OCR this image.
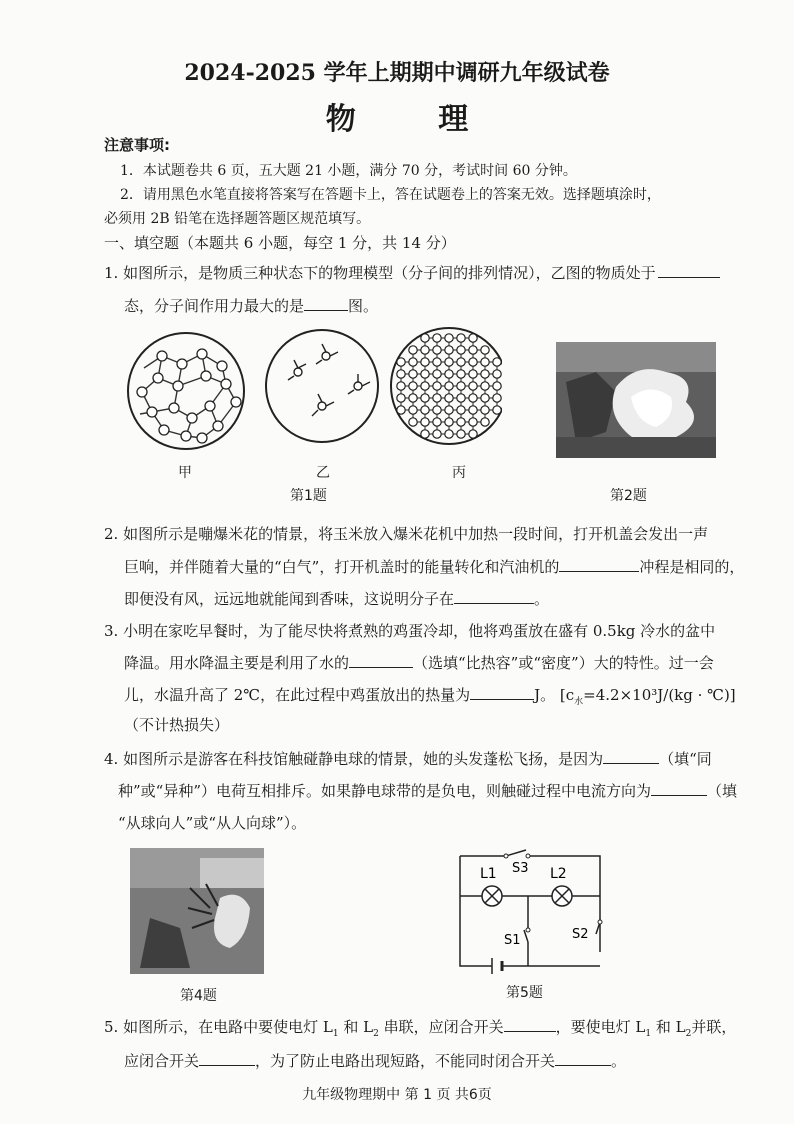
2024-2025 学年上期期中调研九年级试卷
物 理
注意事项:
1．本试题卷共 6 页，五大题 21 小题，满分 70 分，考试时间 60 分钟。
2．请用黑色水笔直接将答案写在答题卡上，答在试题卷上的答案无效。选择题填涂时，
必须用 2B 铅笔在选择题答题区规范填写。
一、填空题（本题共 6 小题，每空 1 分，共 14 分）
1. 如图所示，是物质三种状态下的物理模型（分子间的排列情况），乙图的物质处于
态，分子间作用力最大的是	图。
甲	乙	丙
第1题	第2题
2. 如图所示是嘣爆米花的情景，将玉米放入爆米花机中加热一段时间，打开机盖会发出一声
巨响，并伴随着大量的“白气”，打开机盖时的能量转化和汽油机的	冲程是相同的，
即便没有风，远远地就能闻到香味，这说明分子在	。
3. 小明在家吃早餐时，为了能尽快将煮熟的鸡蛋冷却，他将鸡蛋放在盛有 0.5kg 冷水的盆中
降温。用水降温主要是利用了水的	（选填“比热容”或“密度”）大的特性。过一会
儿，水温升高了 2℃，在此过程中鸡蛋放出的热量为	J。 [$c_水=4.2\times 10^3J/(kg$ · ℃)]
（不计热损失）
4. 如图所示是游客在科技馆触碰静电球的情景，她的头发蓬松飞扬，是因为	（填“同
种”或“异种”）电荷互相排斥。如果静电球带的是负电，则触碰过程中电流方向为	（填
“从球向人”或“从人向球”）。
第4题
L1	L2
S3
S1	S2
第5题
5. 如图所示，在电路中要使电灯 $L_1$ 和 $L_2$ 串联，应闭合开关	，要使电灯 $L_1$ 和 $L_2$并联，
应闭合开关	，为了防止电路出现短路，不能同时闭合开关	。
九年级物理期中 第 1 页 共6页
